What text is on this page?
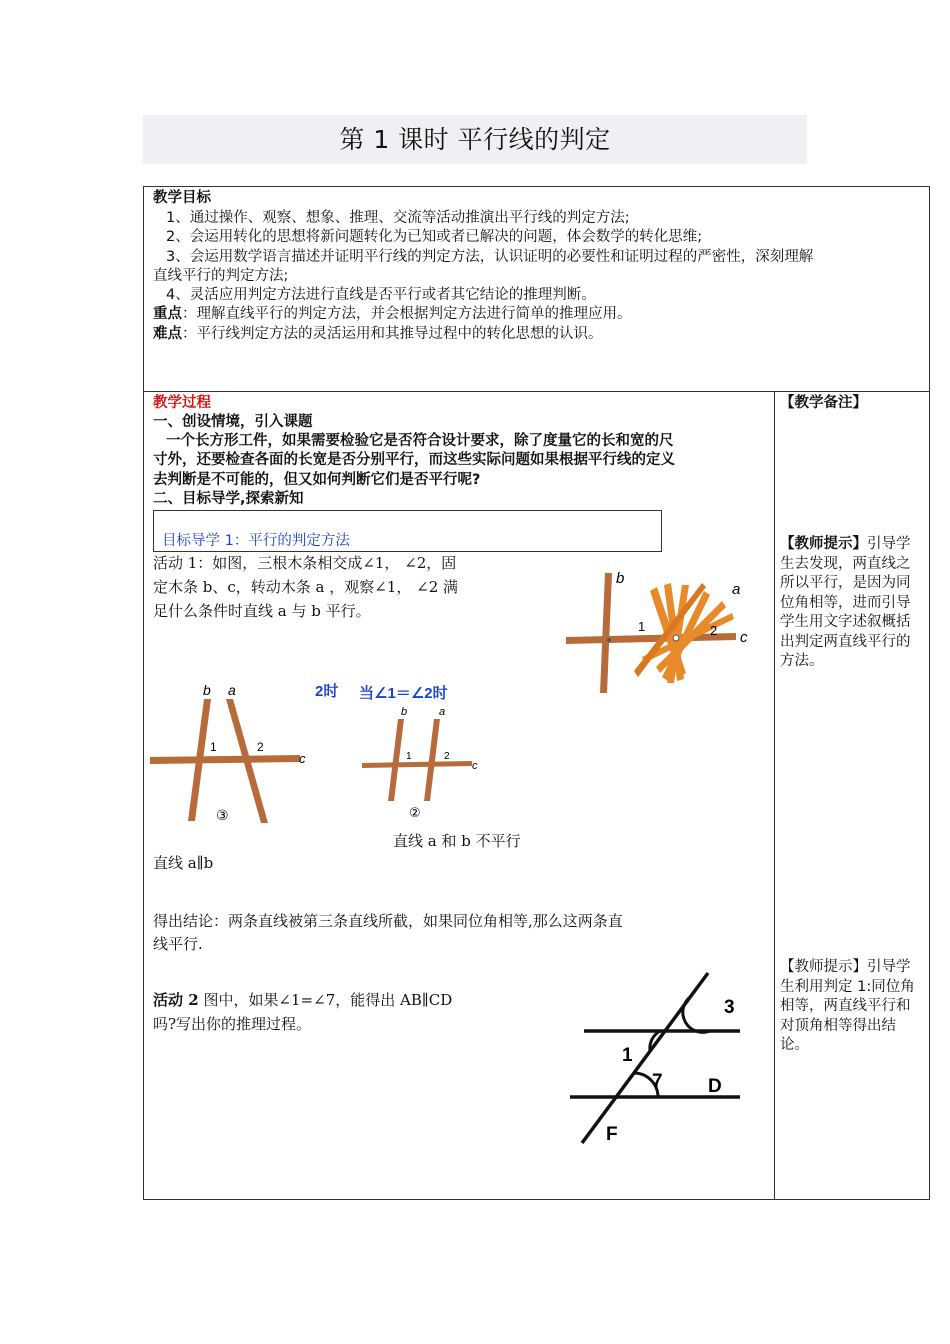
第 1 课时 平行线的判定
教学目标
1、通过操作、观察、想象、推理、交流等活动推演出平行线的判定方法;
2、会运用转化的思想将新问题转化为已知或者已解决的问题，体会数学的转化思维;
3、会运用数学语言描述并证明平行线的判定方法，认识证明的必要性和证明过程的严密性，深刻理解
直线平行的判定方法;
4、灵活应用判定方法进行直线是否平行或者其它结论的推理判断。
重点：理解直线平行的判定方法，并会根据判定方法进行简单的推理应用。
难点：平行线判定方法的灵活运用和其推导过程中的转化思想的认识。
教学过程
一、创设情境，引入课题
一个长方形工件，如果需要检验它是否符合设计要求，除了度量它的长和宽的尺
寸外，还要检查各面的长宽是否分别平行，而这些实际问题如果根据平行线的定义
去判断是不可能的，但又如何判断它们是否平行呢?
二、目标导学,探索新知
目标导学 1：平行的判定方法
活动 1：如图，三根木条相交成∠1， ∠2，固
定木条 b、c，转动木条 a ，观察∠1， ∠2 满
足什么条件时直线 a 与 b 平行。
b
a
c
1	2
当∠1＝∠2时
2时
b a
c
1	2
③
b	a
c
1	2
②
直线 a 和 b 不平行
直线 a∥b
得出结论：两条直线被第三条直线所截，如果同位角相等,那么这两条直
线平行.
活动 2 图中，如果∠1=∠7，能得出 AB∥CD
吗?写出你的推理过程。
3
1
7 D
F
【教学备注】
【教师提示】引导学生去发现，两直线之所以平行，是因为同位角相等，进而引导学生用文字述叙概括出判定两直线平行的方法。
【教师提示】引导学生利用判定 1:同位角相等，两直线平行和对顶角相等得出结论。
